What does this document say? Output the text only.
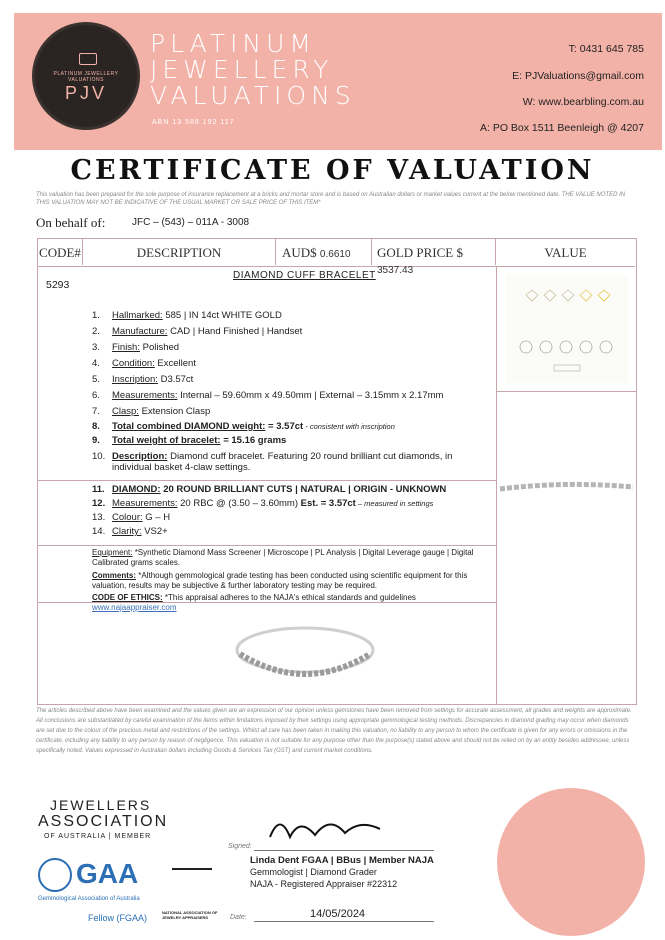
PLATINUM JEWELLERY VALUATIONS
PJV
PLATINUM
JEWELLERY
VALUATIONS
ABN 13 588 192 117
T: 0431 645 785
E: PJValuations@gmail.com
W: www.bearbling.com.au
A: PO Box 1511 Beenleigh @ 4207
CERTIFICATE OF VALUATION
This valuation has been prepared for the sole purpose of insurance replacement at a bricks and mortar store and is based on Australian dollars or market values current at the below mentioned date. THE VALUE NOTED IN THIS VALUATION MAY NOT BE INDICATIVE OF THE USUAL MARKET OR SALE PRICE OF THIS ITEM*
On behalf of:	JFC – (543) – 011A - 3008
CODE#	DESCRIPTION	AUD$ 0.6610	GOLD PRICE $ 3537.43
VALUE
5293
DIAMOND CUFF BRACELET
1.	Hallmarked: 585 | IN 14ct WHITE GOLD
2.	Manufacture: CAD | Hand Finished | Handset
3.	Finish: Polished
4.	Condition: Excellent
5.	Inscription: D3.57ct
6.	Measurements: Internal – 59.60mm x 49.50mm | External – 3.15mm x 2.17mm
7.	Clasp: Extension Clasp
8.	Total combined DIAMOND weight: = 3.57ct - consistent with inscription
9.	Total weight of bracelet: = 15.16 grams
10. Description: Diamond cuff bracelet. Featuring 20 round brilliant cut diamonds, in individual basket 4-claw settings.
11. DIAMOND: 20 ROUND BRILLIANT CUTS | NATURAL | ORIGIN - UNKNOWN
12. Measurements: 20 RBC @ (3.50 – 3.60mm) Est. = 3.57ct – measured in settings
13. Colour: G – H
14. Clarity: VS2+
Equipment: *Synthetic Diamond Mass Screener | Microscope | PL Analysis | Digital Leverage gauge | Digital Calibrated grams scales.
Comments: *Although gemmological grade testing has been conducted using scientific equipment for this valuation, results may be subjective & further laboratory testing may be required.
CODE OF ETHICS: *This appraisal adheres to the NAJA's ethical standards and guidelines www.najaappraiser.com
The articles described above have been examined and the values given are an expression of our opinion unless gemstones have been removed from settings for accurate assessment, all grades and weights are approximate. All conclusions are substantiated by careful examination of the items within limitations imposed by their settings using appropriate gemmological testing methods. Discrepancies in diamond grading may occur when diamonds are set due to the colour of the precious metal and restrictions of the settings. Whilst all care has been taken in making this valuation, no liability to any person to whom the certificate is given for any errors or omissions in the certificate, including any liability to any person by reason of negligence. This valuation is not suitable for any purpose other than the purpose(s) stated above and should not be relied on by an entity besides addressee, unless specifically noted. Values expressed in Australian dollars including Goods & Services Tax (GST) and current market conditions.
JEWELLERS
ASSOCIATION
OF AUSTRALIA | MEMBER
GAA
Gemmological Association of Australia
Fellow (FGAA)
NATIONAL ASSOCIATION OF JEWELRY APPRAISERS
Signed:
Linda Dent FGAA | BBus | Member NAJA
Gemmologist | Diamond Grader
NAJA - Registered Appraiser #22312
Date:	14/05/2024
